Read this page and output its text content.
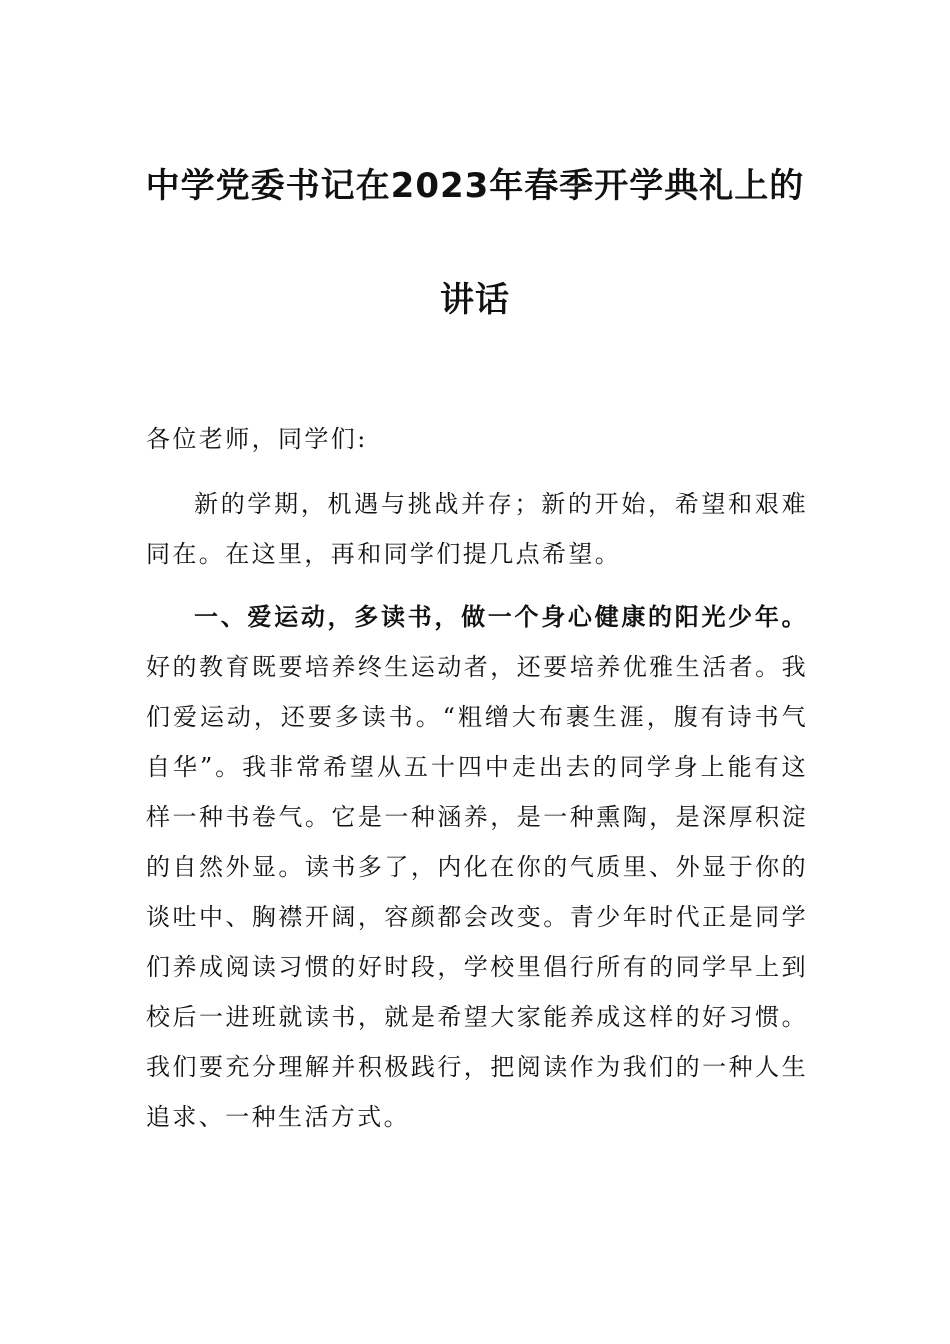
中学党委书记在2023年春季开学典礼上的
讲话

各位老师，同学们:

新的学期，机遇与挑战并存；新的开始，希望和艰难同在。在这里，再和同学们提几点希望。

一、爱运动，多读书，做一个身心健康的阳光少年。好的教育既要培养终生运动者，还要培养优雅生活者。我们爱运动，还要多读书。“粗缯大布裹生涯，腹有诗书气自华”。我非常希望从五十四中走出去的同学身上能有这样一种书卷气。它是一种涵养，是一种熏陶，是深厚积淀的自然外显。读书多了，内化在你的气质里、外显于你的谈吐中、胸襟开阔，容颜都会改变。青少年时代正是同学们养成阅读习惯的好时段，学校里倡行所有的同学早上到校后一进班就读书，就是希望大家能养成这样的好习惯。我们要充分理解并积极践行，把阅读作为我们的一种人生追求、一种生活方式。
